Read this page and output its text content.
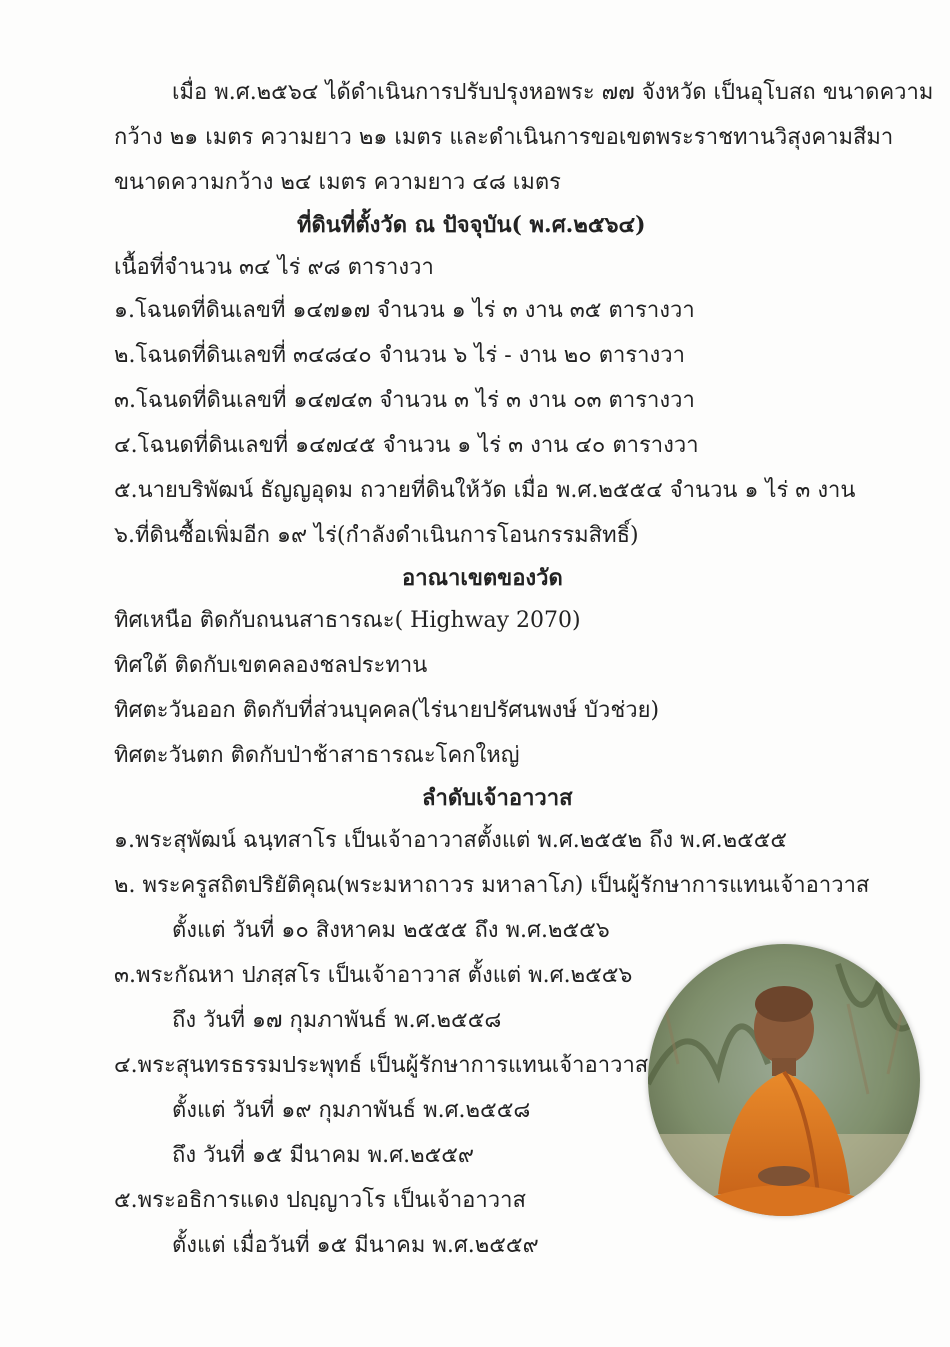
เมื่อ พ.ศ.๒๕๖๔ ได้ดำเนินการปรับปรุงหอพระ ๗๗ จังหวัด เป็นอุโบสถ ขนาดความ
กว้าง ๒๑ เมตร ความยาว ๒๑ เมตร และดำเนินการขอเขตพระราชทานวิสุงคามสีมา
ขนาดความกว้าง ๒๔ เมตร ความยาว ๔๘ เมตร
ที่ดินที่ตั้งวัด ณ ปัจจุบัน( พ.ศ.๒๕๖๔)
เนื้อที่จำนวน ๓๔ ไร่ ๙๘ ตารางวา
๑.โฉนดที่ดินเลขที่ ๑๔๗๑๗ จำนวน ๑ ไร่ ๓ งาน ๓๕ ตารางวา
๒.โฉนดที่ดินเลขที่ ๓๔๘๔๐ จำนวน ๖ ไร่ - งาน ๒๐ ตารางวา
๓.โฉนดที่ดินเลขที่ ๑๔๗๔๓ จำนวน ๓ ไร่ ๓ งาน ๐๓ ตารางวา
๔.โฉนดที่ดินเลขที่ ๑๔๗๔๕ จำนวน ๑ ไร่ ๓ งาน ๔๐ ตารางวา
๕.นายบริพัฒน์ ธัญญอุดม ถวายที่ดินให้วัด เมื่อ พ.ศ.๒๕๕๔ จำนวน ๑ ไร่ ๓ งาน
๖.ที่ดินซื้อเพิ่มอีก ๑๙ ไร่(กำลังดำเนินการโอนกรรมสิทธิ์)
อาณาเขตของวัด
ทิศเหนือ ติดกับถนนสาธารณะ( Highway 2070)
ทิศใต้ ติดกับเขตคลองชลประทาน
ทิศตะวันออก ติดกับที่ส่วนบุคคล(ไร่นายปรัศนพงษ์ บัวช่วย)
ทิศตะวันตก ติดกับป่าช้าสาธารณะโคกใหญ่
ลำดับเจ้าอาวาส
๑.พระสุพัฒน์ ฉนฺทสาโร เป็นเจ้าอาวาสตั้งแต่ พ.ศ.๒๕๕๒ ถึง พ.ศ.๒๕๕๕
๒. พระครูสถิตปริยัติคุณ(พระมหาถาวร มหาลาโภ) เป็นผู้รักษาการแทนเจ้าอาวาส
ตั้งแต่ วันที่ ๑๐ สิงหาคม ๒๕๕๕ ถึง พ.ศ.๒๕๕๖
๓.พระกัณหา ปภสฺสโร เป็นเจ้าอาวาส ตั้งแต่ พ.ศ.๒๕๕๖
ถึง วันที่ ๑๗ กุมภาพันธ์ พ.ศ.๒๕๕๘
๔.พระสุนทรธรรมประพุทธ์ เป็นผู้รักษาการแทนเจ้าอาวาส
ตั้งแต่ วันที่ ๑๙ กุมภาพันธ์ พ.ศ.๒๕๕๘
ถึง วันที่ ๑๕ มีนาคม พ.ศ.๒๕๕๙
๕.พระอธิการแดง ปญฺญาวโร เป็นเจ้าอาวาส
ตั้งแต่ เมื่อวันที่ ๑๕ มีนาคม พ.ศ.๒๕๕๙
